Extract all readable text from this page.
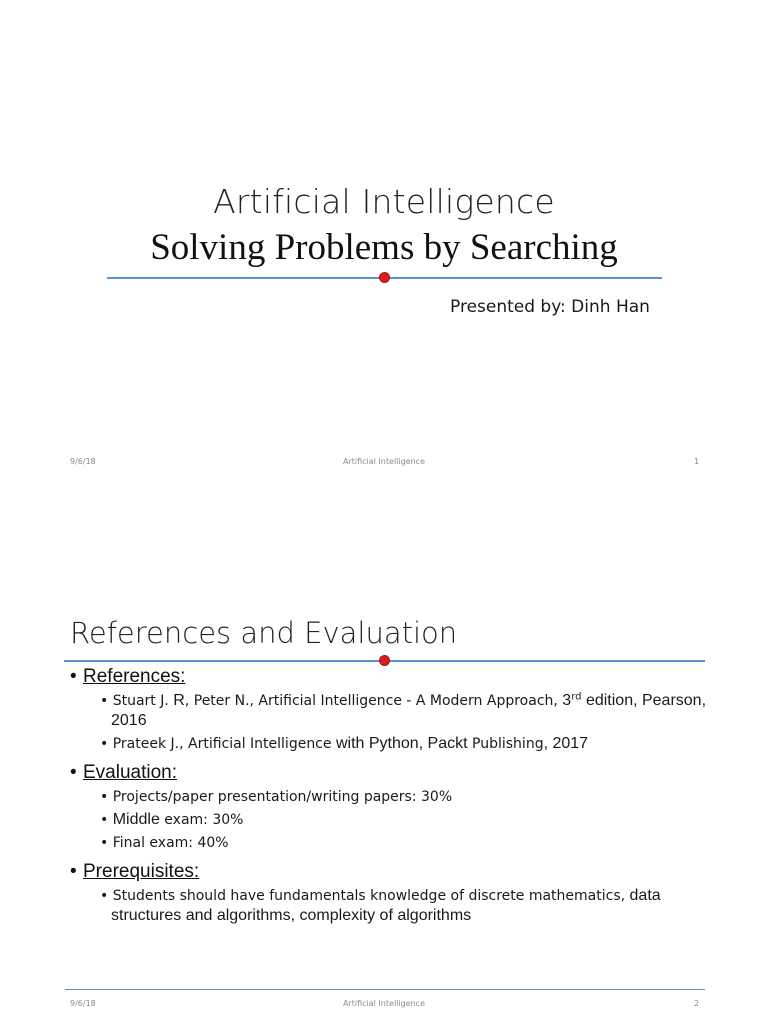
Artificial Intelligence
Solving Problems by Searching
Presented by: Dinh Han
9/6/18	Artificial Intelligence	1
References and Evaluation
• References:
• Stuart J. R, Peter N., Artificial Intelligence - A Modern Approach, 3rd edition, Pearson, 2016
• Prateek J., Artificial Intelligence with Python, Packt Publishing, 2017
• Evaluation:
• Projects/paper presentation/writing papers: 30%
• Middle exam: 30%
• Final exam: 40%
• Prerequisites:
• Students should have fundamentals knowledge of discrete mathematics, data structures and algorithms, complexity of algorithms
9/6/18	Artificial Intelligence	2
